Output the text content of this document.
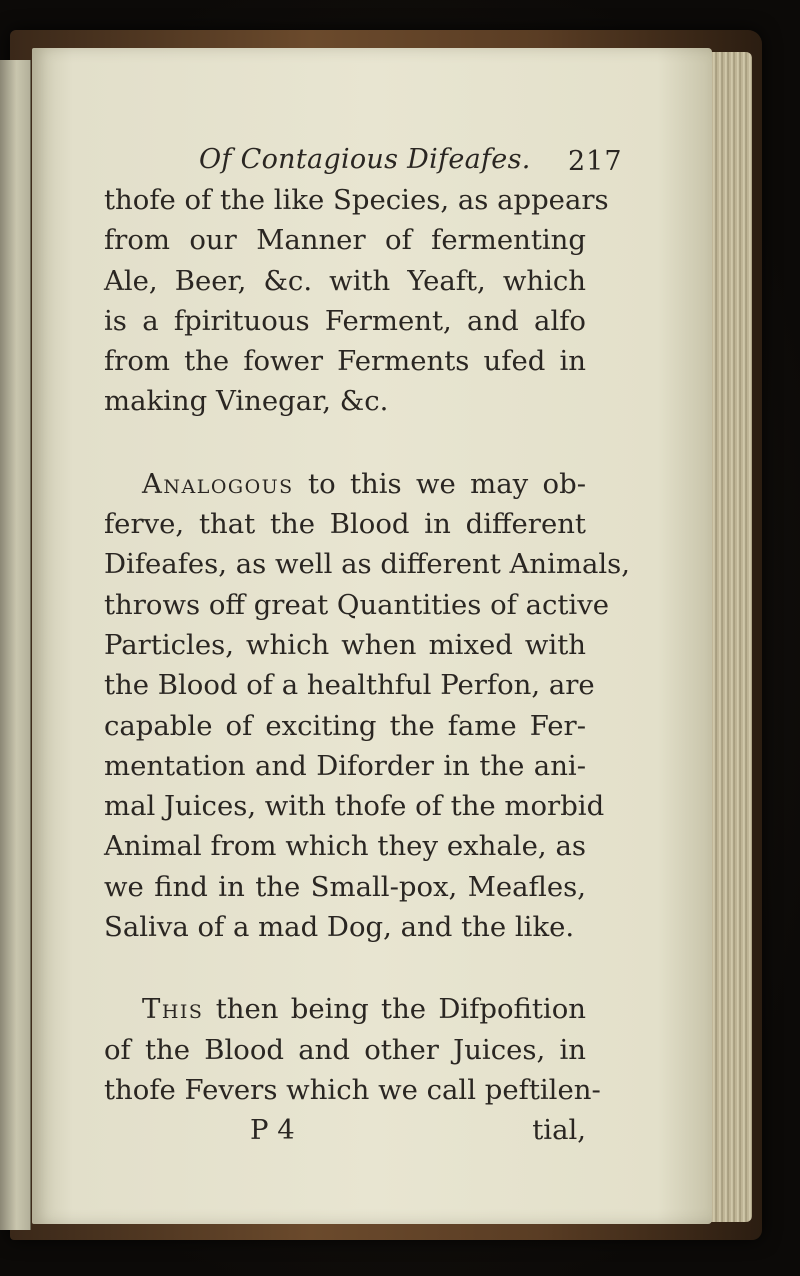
Of Contagious Difeafes. 217

thofe of the like Species, as appears
from our Manner of fermenting
Ale, Beer, &c. with Yeaft, which
is a fpirituous Ferment, and alfo
from the fower Ferments ufed in
making Vinegar, &c.

Analogous to this we may ob-
ferve, that the Blood in different
Difeafes, as well as different Animals,
throws off great Quantities of active
Particles, which when mixed with
the Blood of a healthful Perfon, are
capable of exciting the fame Fer-
mentation and Diforder in the ani-
mal Juices, with thofe of the morbid
Animal from which they exhale, as
we find in the Small-pox, Meafles,
Saliva of a mad Dog, and the like.

This then being the Difpofition
of the Blood and other Juices, in
thofe Fevers which we call peftilen-

P 4	tial,
